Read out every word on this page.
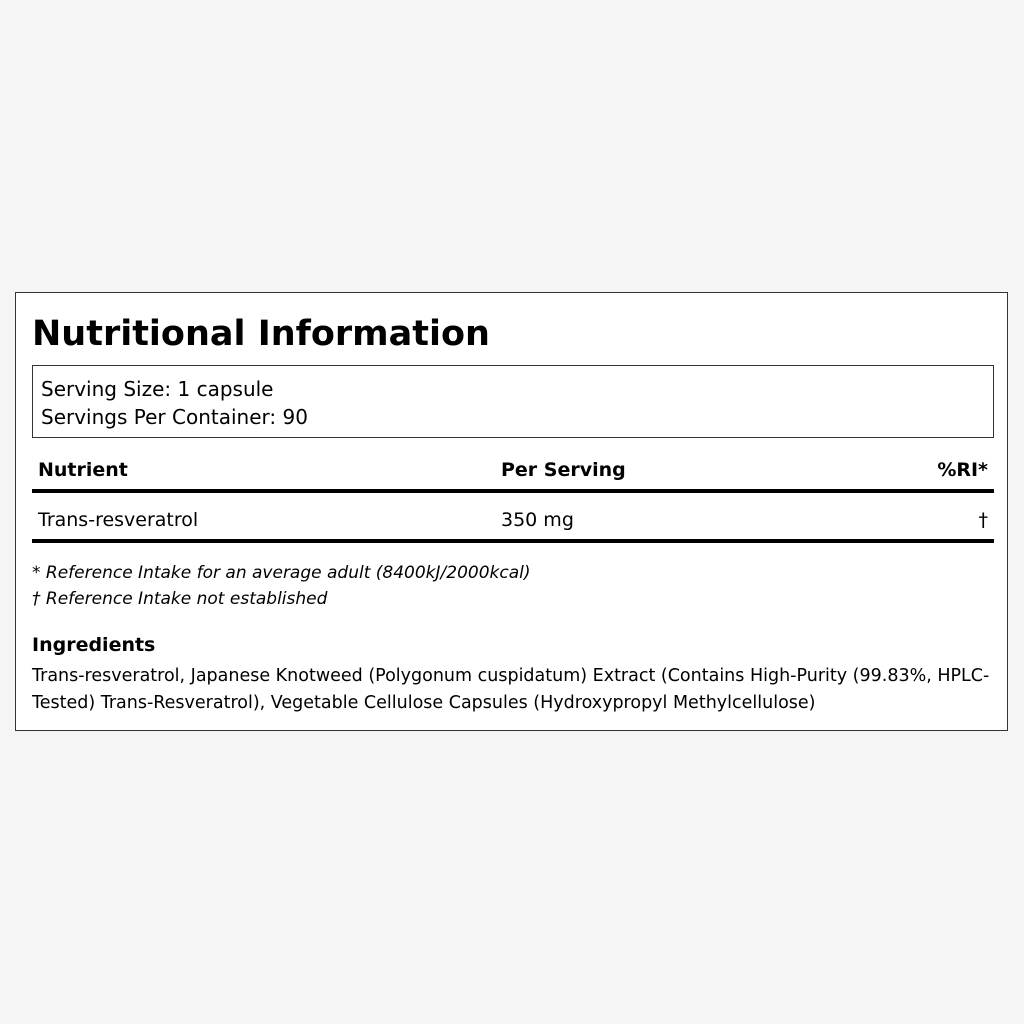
Nutritional Information
Serving Size: 1 capsule
Servings Per Container: 90
Nutrient	Per Serving	%RI*
Trans-resveratrol	350 mg	†
* Reference Intake for an average adult (8400kJ/2000kcal)
† Reference Intake not established
Ingredients
Trans-resveratrol, Japanese Knotweed (Polygonum cuspidatum) Extract (Contains High-Purity (99.83%, HPLC-Tested) Trans-Resveratrol), Vegetable Cellulose Capsules (Hydroxypropyl Methylcellulose)
